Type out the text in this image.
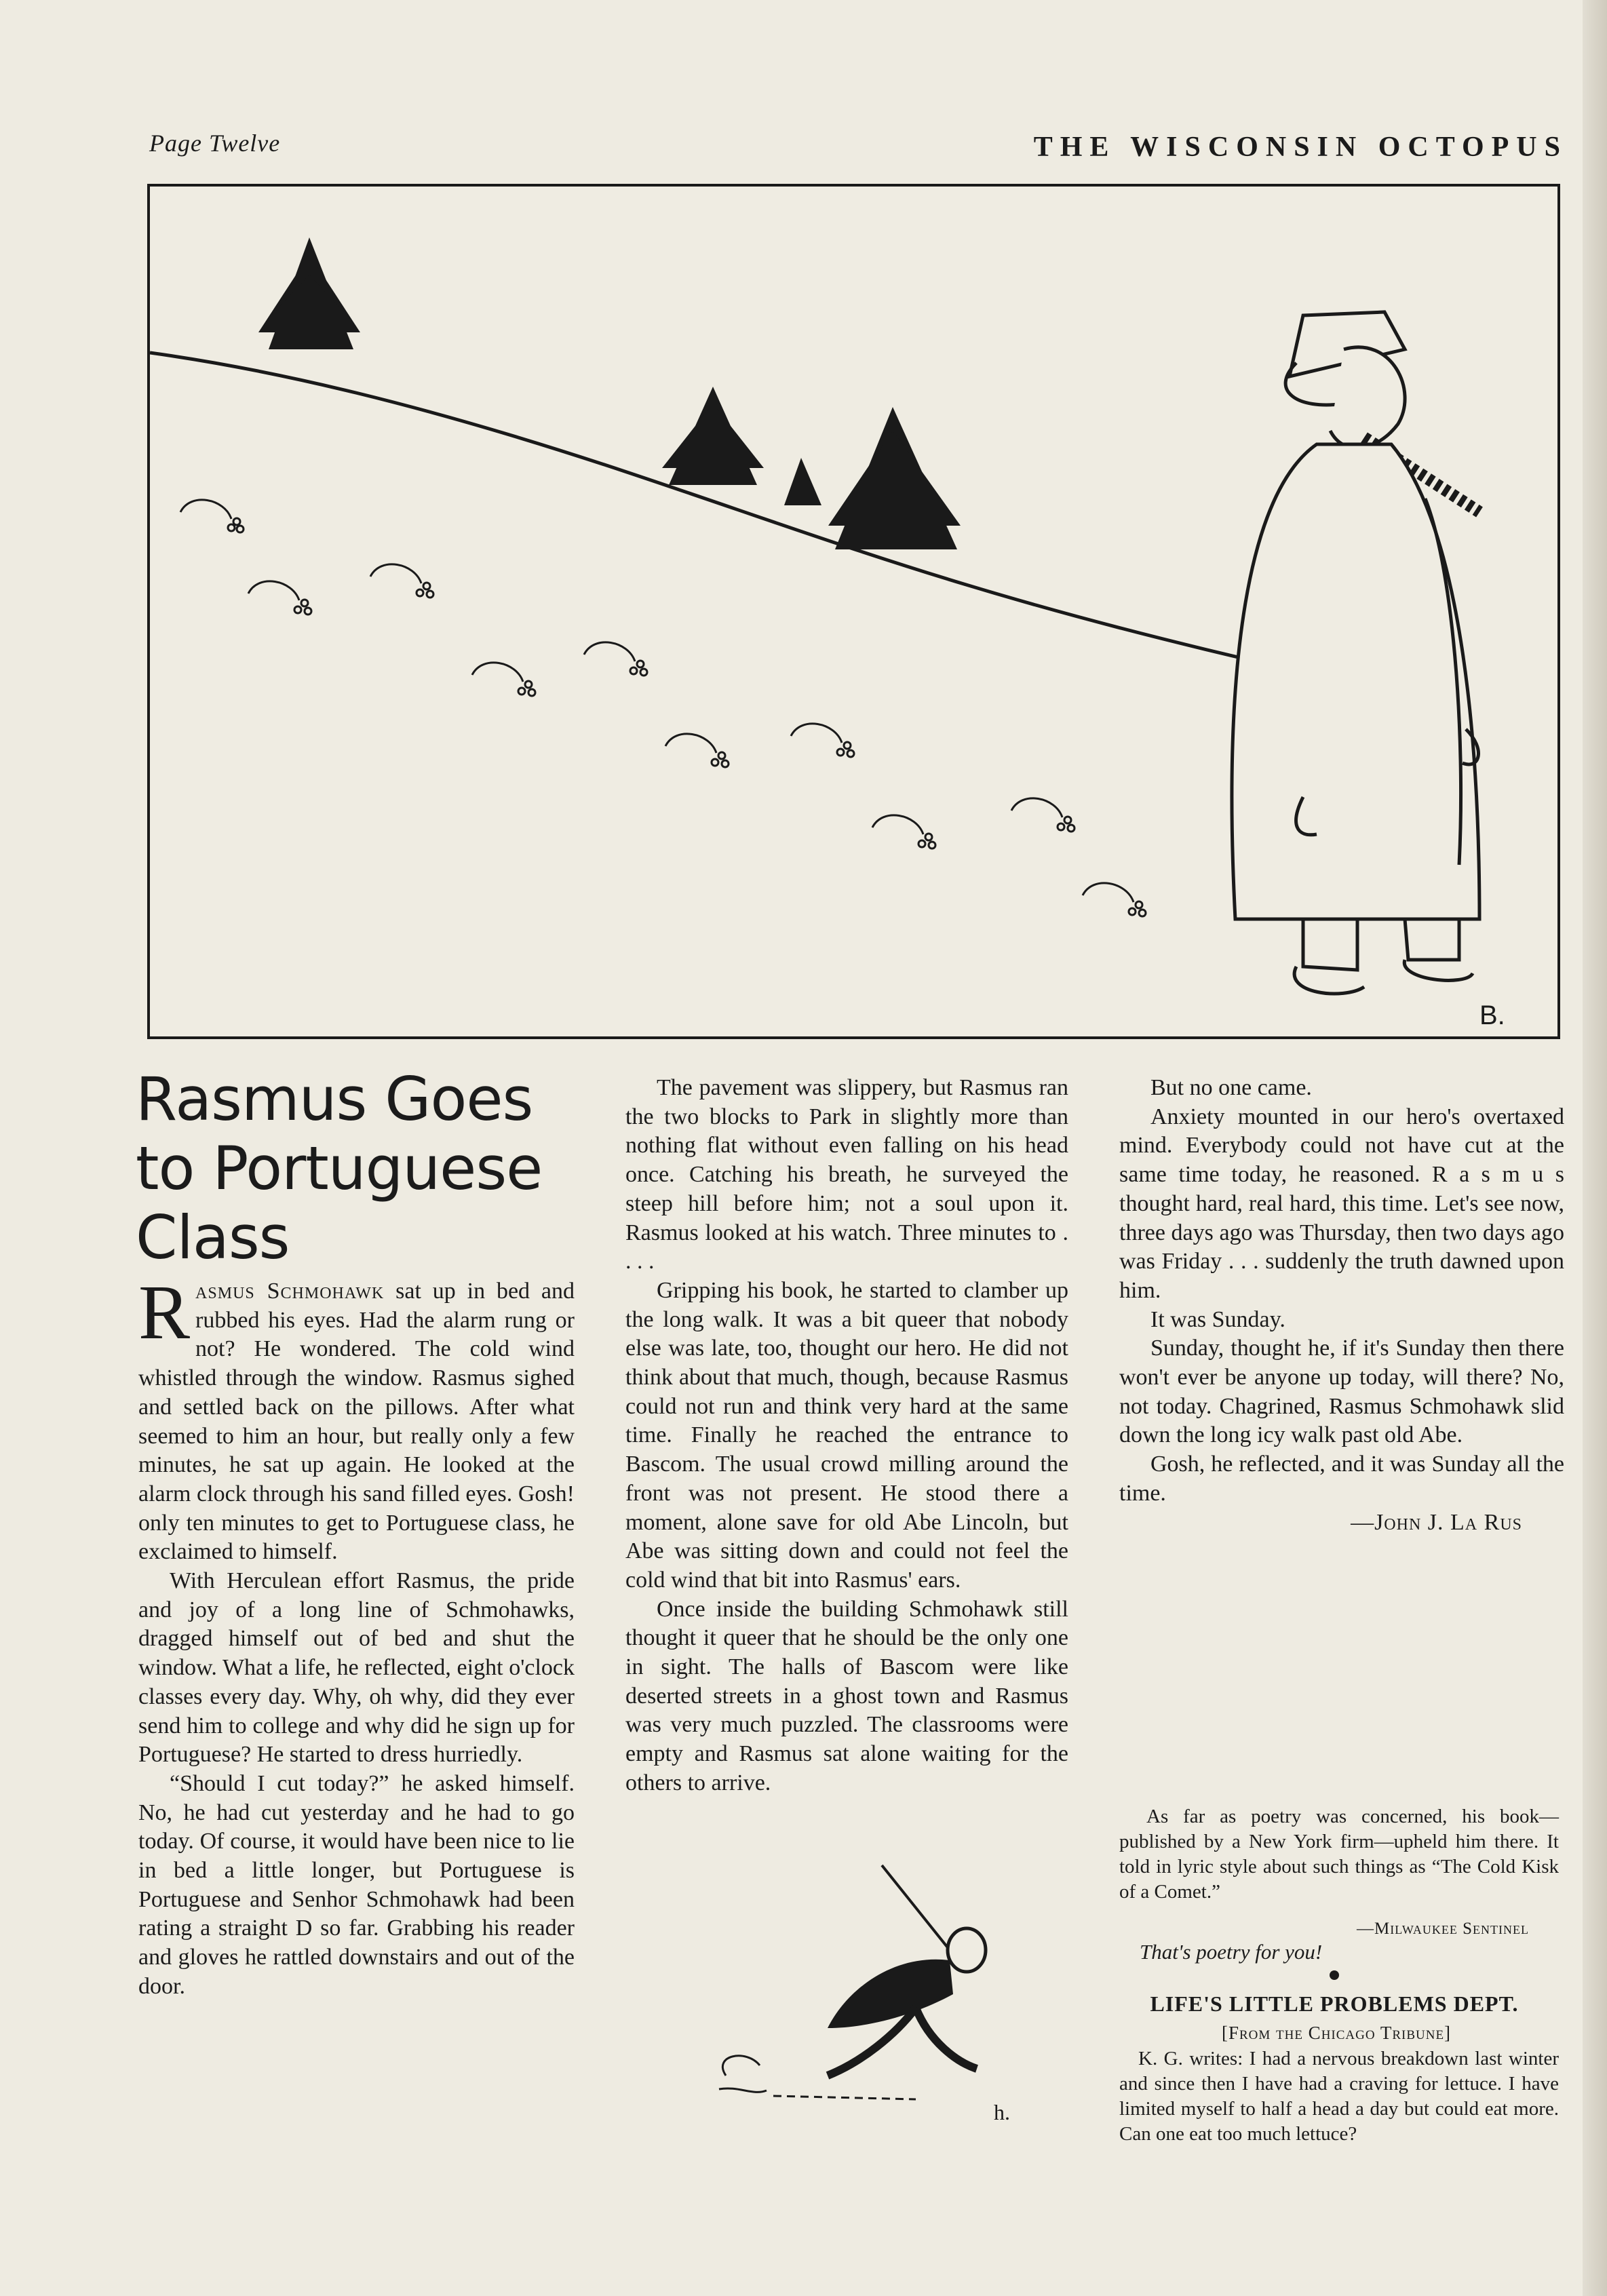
Page Twelve	THE WISCONSIN OCTOPUS
B.
Rasmus Goes to Portuguese Class

Rasmus Schmohawk sat up in bed and rubbed his eyes. Had the alarm rung or not? He wondered. The cold wind whistled through the window. Rasmus sighed and settled back on the pillows. After what seemed to him an hour, but really only a few minutes, he sat up again. He looked at the alarm clock through his sand filled eyes. Gosh! only ten minutes to get to Portuguese class, he exclaimed to himself.

With Herculean effort Rasmus, the pride and joy of a long line of Schmohawks, dragged himself out of bed and shut the window. What a life, he reflected, eight o'clock classes every day. Why, oh why, did they ever send him to college and why did he sign up for Portuguese? He started to dress hurriedly.

“Should I cut today?” he asked himself. No, he had cut yesterday and he had to go today. Of course, it would have been nice to lie in bed a little longer, but Portuguese is Portuguese and Senhor Schmohawk had been rating a straight D so far. Grabbing his reader and gloves he rattled downstairs and out of the door.

The pavement was slippery, but Rasmus ran the two blocks to Park in slightly more than nothing flat without even falling on his head once. Catching his breath, he surveyed the steep hill before him; not a soul upon it. Rasmus looked at his watch. Three minutes to . . . .

Gripping his book, he started to clamber up the long walk. It was a bit queer that nobody else was late, too, thought our hero. He did not think about that much, though, because Rasmus could not run and think very hard at the same time. Finally he reached the entrance to Bascom. The usual crowd milling around the front was not present. He stood there a moment, alone save for old Abe Lincoln, but Abe was sitting down and could not feel the cold wind that bit into Rasmus' ears.

Once inside the building Schmohawk still thought it queer that he should be the only one in sight. The halls of Bascom were like deserted streets in a ghost town and Rasmus was very much puzzled. The classrooms were empty and Rasmus sat alone waiting for the others to arrive.

But no one came.

Anxiety mounted in our hero's overtaxed mind. Everybody could not have cut at the same time today, he reasoned. R a s m u s thought hard, real hard, this time. Let's see now, three days ago was Thursday, then two days ago was Friday . . . suddenly the truth dawned upon him.

It was Sunday.

Sunday, thought he, if it's Sunday then there won't ever be anyone up today, will there? No, not today. Chagrined, Rasmus Schmohawk slid down the long icy walk past old Abe.

Gosh, he reflected, and it was Sunday all the time.

—John J. La Rus

As far as poetry was concerned, his book—published by a New York firm—upheld him there. It told in lyric style about such things as “The Cold Kisk of a Comet.”

—Milwaukee Sentinel
That's poetry for you!
LIFE'S LITTLE PROBLEMS DEPT.
[From the Chicago Tribune]

K. G. writes: I had a nervous breakdown last winter and since then I have had a craving for lettuce. I have limited myself to half a head a day but could eat more. Can one eat too much lettuce?

h.
